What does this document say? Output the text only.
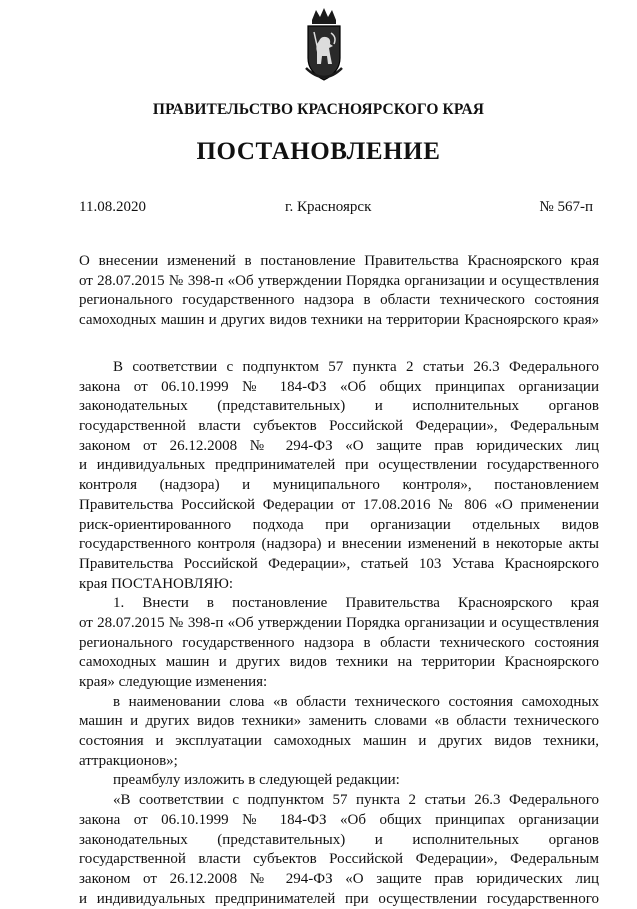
ПРАВИТЕЛЬСТВО КРАСНОЯРСКОГО КРАЯ
ПОСТАНОВЛЕНИЕ
11.08.2020	г. Красноярск	№ 567-п
О внесении изменений в постановление Правительства Красноярского края
от 28.07.2015 № 398-п «Об утверждении Порядка организации и осуществления
регионального государственного надзора в области технического состояния
самоходных машин и других видов техники на территории Красноярского края»
В соответствии с подпунктом 57 пункта 2 статьи 26.3 Федерального
закона от 06.10.1999 № 184-ФЗ «Об общих принципах организации
законодательных (представительных) и исполнительных органов
государственной власти субъектов Российской Федерации», Федеральным
законом от 26.12.2008 № 294-ФЗ «О защите прав юридических лиц
и индивидуальных предпринимателей при осуществлении государственного
контроля (надзора) и муниципального контроля», постановлением
Правительства Российской Федерации от 17.08.2016 № 806 «О применении
риск-ориентированного подхода при организации отдельных видов
государственного контроля (надзора) и внесении изменений в некоторые акты
Правительства Российской Федерации», статьей 103 Устава Красноярского
края ПОСТАНОВЛЯЮ:
1. Внести в постановление Правительства Красноярского края
от 28.07.2015 № 398-п «Об утверждении Порядка организации и осуществления
регионального государственного надзора в области технического состояния
самоходных машин и других видов техники на территории Красноярского
края» следующие изменения:
в наименовании слова «в области технического состояния самоходных
машин и других видов техники» заменить словами «в области технического
состояния и эксплуатации самоходных машин и других видов техники,
аттракционов»;
преамбулу изложить в следующей редакции:
«В соответствии с подпунктом 57 пункта 2 статьи 26.3 Федерального
закона от 06.10.1999 № 184-ФЗ «Об общих принципах организации
законодательных (представительных) и исполнительных органов
государственной власти субъектов Российской Федерации», Федеральным
законом от 26.12.2008 № 294-ФЗ «О защите прав юридических лиц
и индивидуальных предпринимателей при осуществлении государственного
